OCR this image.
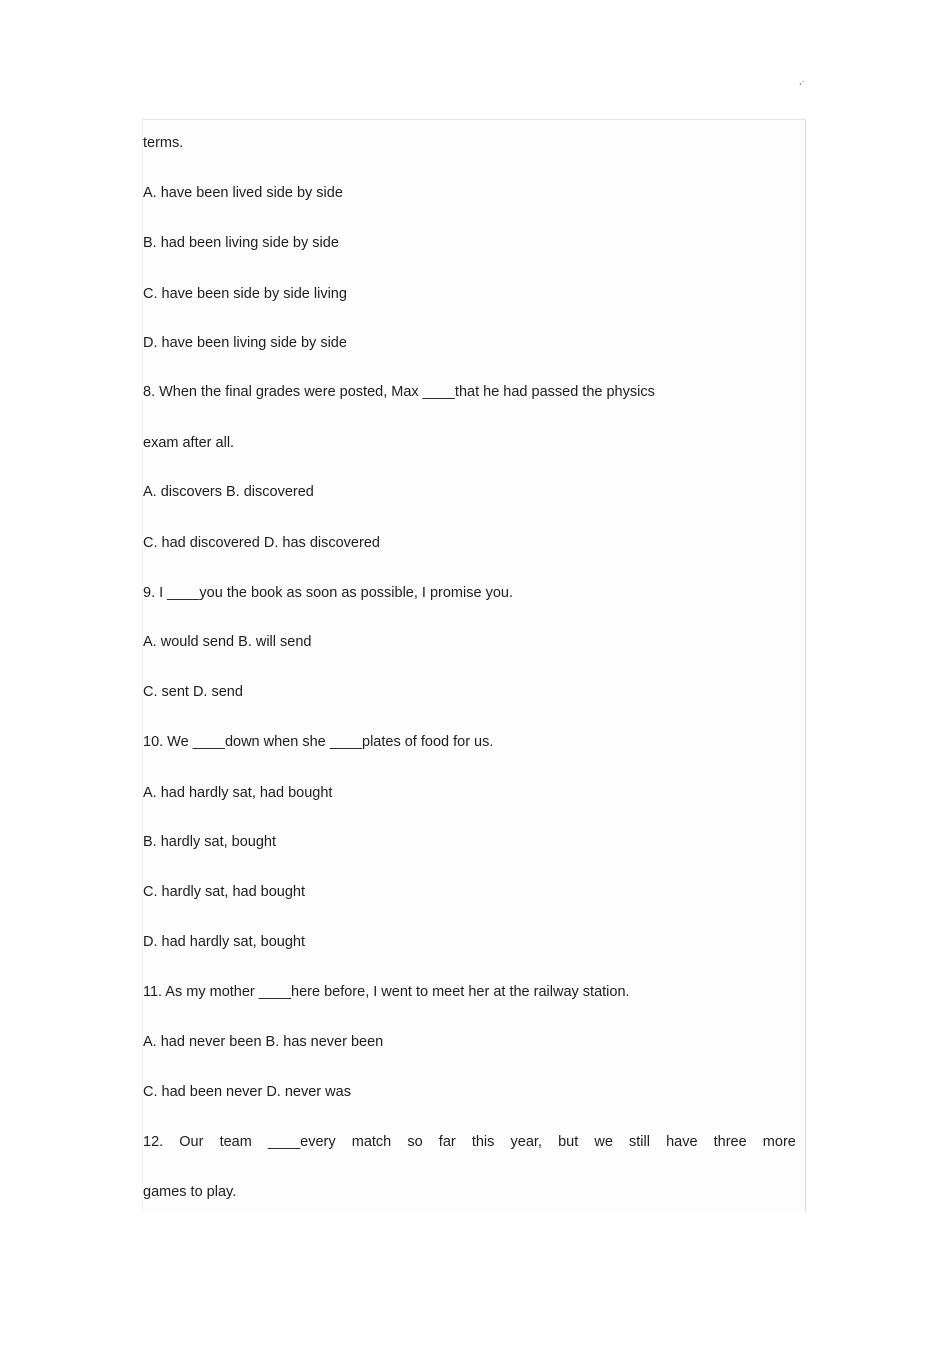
,·
terms.
A. have been lived side by side
B. had been living side by side
C. have been side by side living
D. have been living side by side
8. When the final grades were posted, Max ____that he had passed the physics
exam after all.
A. discovers B. discovered
C. had discovered D. has discovered
9. I ____you the book as soon as possible, I promise you.
A. would send B. will send
C. sent D. send
10. We ____down when she ____plates of food for us.
A. had hardly sat, had bought
B. hardly sat, bought
C. hardly sat, had bought
D. had hardly sat, bought
11. As my mother ____here before, I went to meet her at the railway station.
A. had never been B. has never been
C. had been never D. never was
12. Our team ____every match so far this year, but we still have three more
games to play.
